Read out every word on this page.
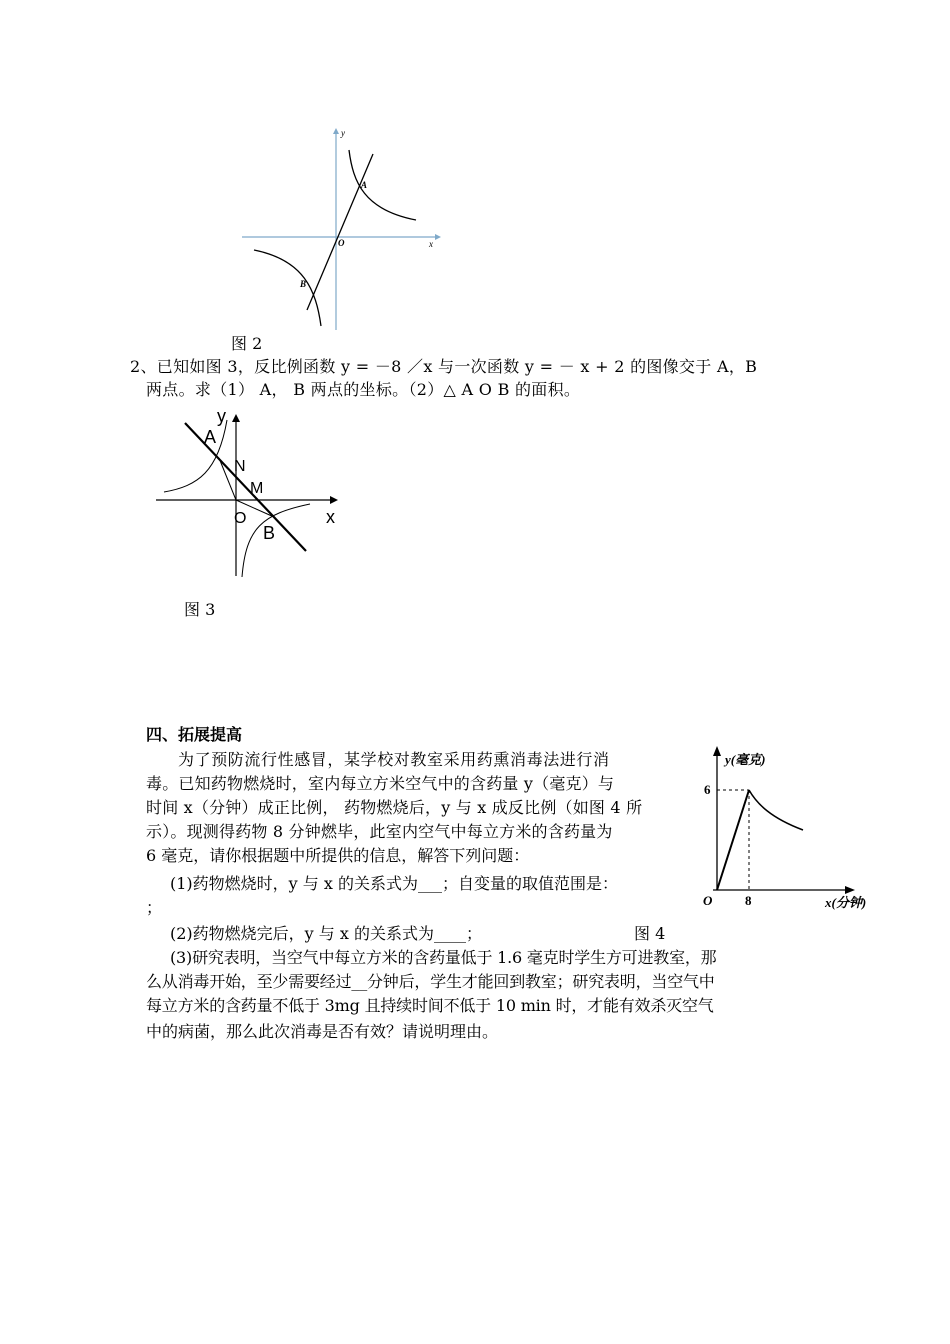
y
x
O
A
B
图 2
2、已知如图 3，反比例函数 y = －8 ／x 与一次函数 y = － x + 2 的图像交于 A，B
两点。求（1） A， B 两点的坐标。（2）△ A O B 的面积。
y
A
N
M
O	x
B
图 3
四、拓展提高
为了预防流行性感冒，某学校对教室采用药熏消毒法进行消
毒。已知药物燃烧时，室内每立方米空气中的含药量 y（毫克）与
时间 x（分钟）成正比例， 药物燃烧后，y 与 x 成反比例（如图 4 所
示）。现测得药物 8 分钟燃毕，此室内空气中每立方米的含药量为
6 毫克，请你根据题中所提供的信息，解答下列问题：
(1)药物燃烧时，y 与 x 的关系式为___；自变量的取值范围是：
；
(2)药物燃烧完后，y 与 x 的关系式为____；	图 4
(3)研究表明，当空气中每立方米的含药量低于 1.6 毫克时学生方可进教室，那
么从消毒开始，至少需要经过__分钟后，学生才能回到教室；研究表明，当空气中
每立方米的含药量不低于 3mg 且持续时间不低于 10 min 时，才能有效杀灭空气
中的病菌，那么此次消毒是否有效？请说明理由。
y(毫克)
6
O	8	x(分钟)
